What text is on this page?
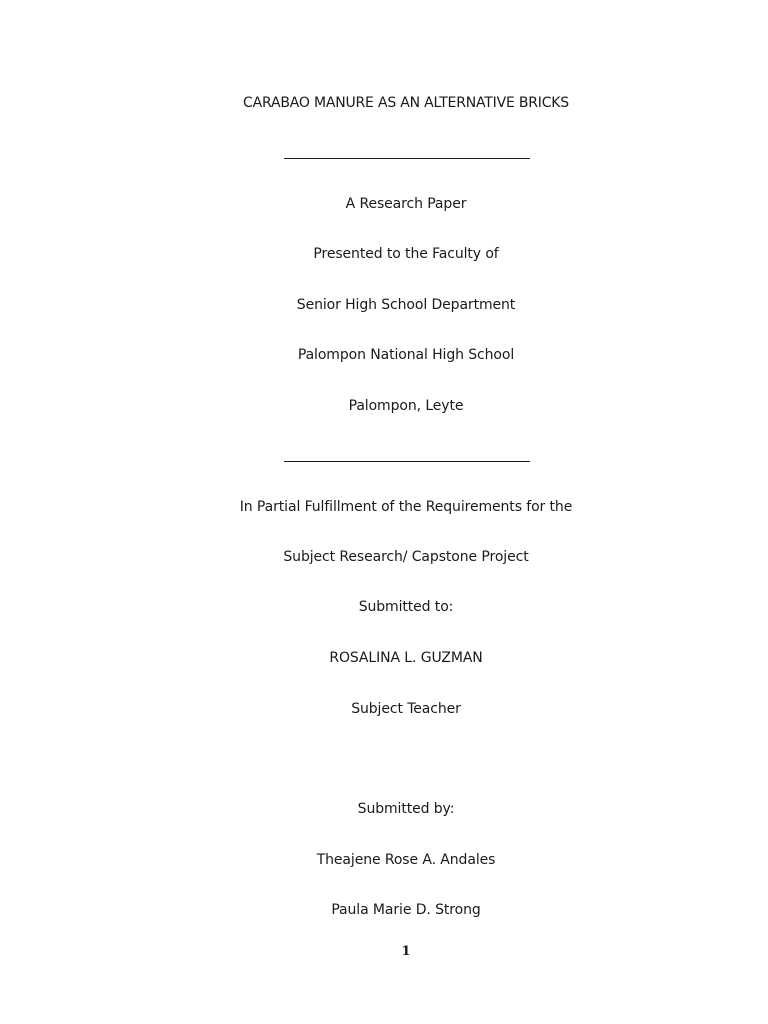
CARABAO MANURE AS AN ALTERNATIVE BRICKS
A Research Paper
Presented to the Faculty of
Senior High School Department
Palompon National High School
Palompon, Leyte
In Partial Fulfillment of the Requirements for the
Subject Research/ Capstone Project
Submitted to:
ROSALINA L. GUZMAN
Subject Teacher
Submitted by:
Theajene Rose A. Andales
Paula Marie D. Strong
1
